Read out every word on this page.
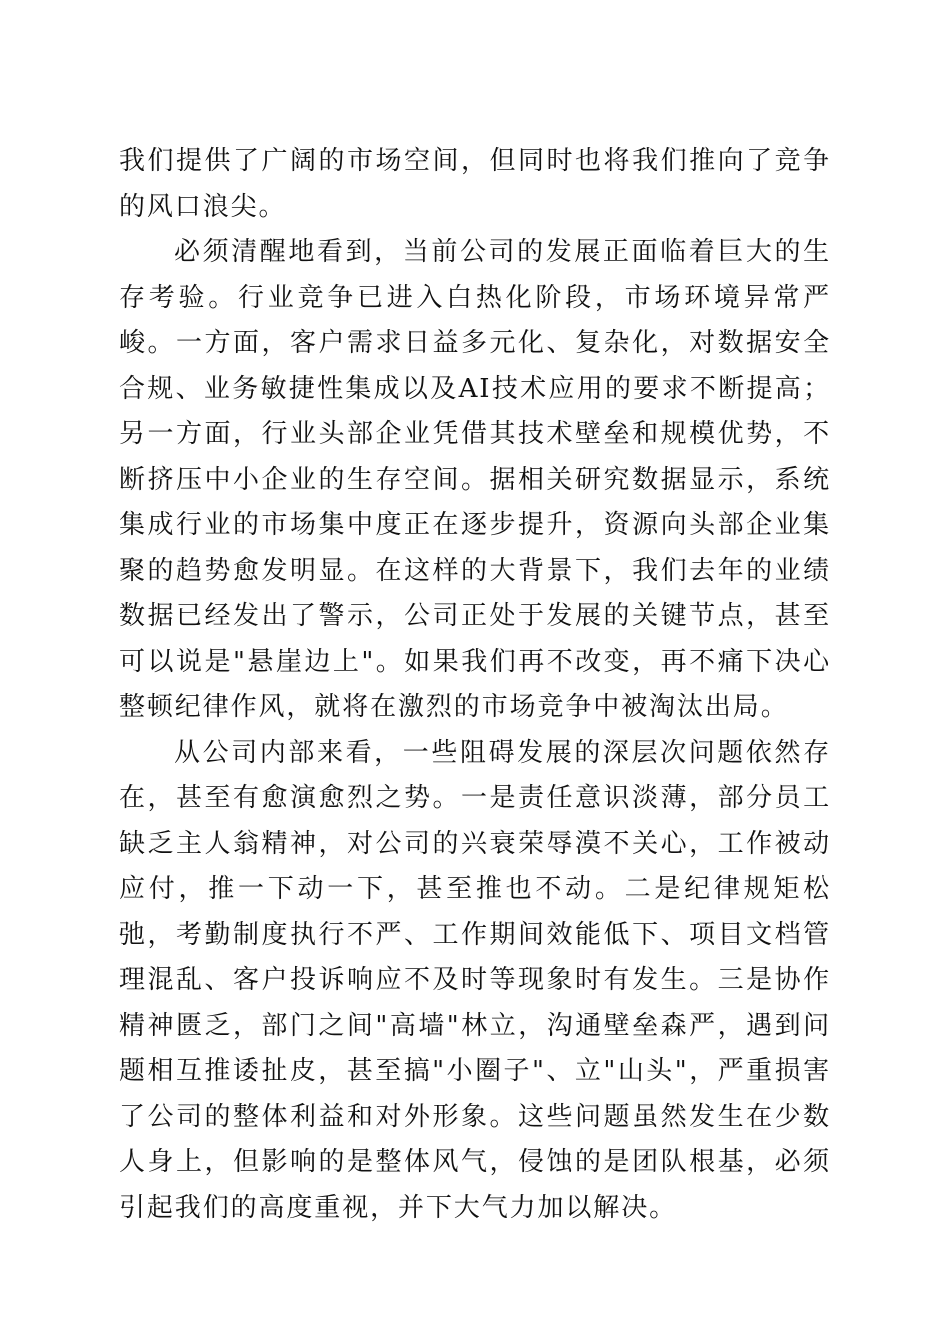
我们提供了广阔的市场空间，但同时也将我们推向了竞争的风口浪尖。

必须清醒地看到，当前公司的发展正面临着巨大的生存考验。行业竞争已进入白热化阶段，市场环境异常严峻。一方面，客户需求日益多元化、复杂化，对数据安全合规、业务敏捷性集成以及AI技术应用的要求不断提高；另一方面，行业头部企业凭借其技术壁垒和规模优势，不断挤压中小企业的生存空间。据相关研究数据显示，系统集成行业的市场集中度正在逐步提升，资源向头部企业集聚的趋势愈发明显。在这样的大背景下，我们去年的业绩数据已经发出了警示，公司正处于发展的关键节点，甚至可以说是"悬崖边上"。如果我们再不改变，再不痛下决心整顿纪律作风，就将在激烈的市场竞争中被淘汰出局。

从公司内部来看，一些阻碍发展的深层次问题依然存在，甚至有愈演愈烈之势。一是责任意识淡薄，部分员工缺乏主人翁精神，对公司的兴衰荣辱漠不关心，工作被动应付，推一下动一下，甚至推也不动。二是纪律规矩松弛，考勤制度执行不严、工作期间效能低下、项目文档管理混乱、客户投诉响应不及时等现象时有发生。三是协作精神匮乏，部门之间"高墙"林立，沟通壁垒森严，遇到问题相互推诿扯皮，甚至搞"小圈子"、立"山头"，严重损害了公司的整体利益和对外形象。这些问题虽然发生在少数人身上，但影响的是整体风气，侵蚀的是团队根基，必须引起我们的高度重视，并下大气力加以解决。
